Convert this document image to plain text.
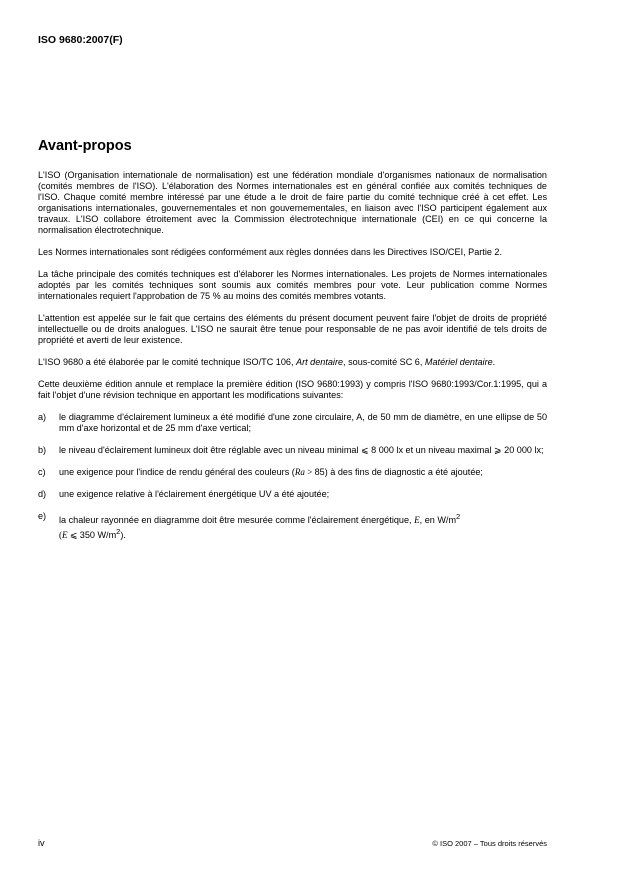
ISO 9680:2007(F)
Avant-propos

L'ISO (Organisation internationale de normalisation) est une fédération mondiale d'organismes nationaux de normalisation (comités membres de l'ISO). L'élaboration des Normes internationales est en général confiée aux comités techniques de l'ISO. Chaque comité membre intéressé par une étude a le droit de faire partie du comité technique créé à cet effet. Les organisations internationales, gouvernementales et non gouvernementales, en liaison avec l'ISO participent également aux travaux. L'ISO collabore étroitement avec la Commission électrotechnique internationale (CEI) en ce qui concerne la normalisation électrotechnique.

Les Normes internationales sont rédigées conformément aux règles données dans les Directives ISO/CEI, Partie 2.

La tâche principale des comités techniques est d'élaborer les Normes internationales. Les projets de Normes internationales adoptés par les comités techniques sont soumis aux comités membres pour vote. Leur publication comme Normes internationales requiert l'approbation de 75 % au moins des comités membres votants.

L'attention est appelée sur le fait que certains des éléments du présent document peuvent faire l'objet de droits de propriété intellectuelle ou de droits analogues. L'ISO ne saurait être tenue pour responsable de ne pas avoir identifié de tels droits de propriété et averti de leur existence.

L'ISO 9680 a été élaborée par le comité technique ISO/TC 106, Art dentaire, sous-comité SC 6, Matériel dentaire.

Cette deuxième édition annule et remplace la première édition (ISO 9680:1993) y compris l'ISO 9680:1993/Cor.1:1995, qui a fait l'objet d'une révision technique en apportant les modifications suivantes:

a) le diagramme d'éclairement lumineux a été modifié d'une zone circulaire, A, de 50 mm de diamètre, en une ellipse de 50 mm d'axe horizontal et de 25 mm d'axe vertical;
b) le niveau d'éclairement lumineux doit être réglable avec un niveau minimal ⩽ 8 000 lx et un niveau maximal ⩾ 20 000 lx;
c) une exigence pour l'indice de rendu général des couleurs (Ra > 85) à des fins de diagnostic a été ajoutée;
d) une exigence relative à l'éclairement énergétique UV a été ajoutée;
e) la chaleur rayonnée en diagramme doit être mesurée comme l'éclairement énergétique, E, en $W/m^2$
(E ⩽ 350 $W/m^2$).
iv	© ISO 2007 – Tous droits réservés
